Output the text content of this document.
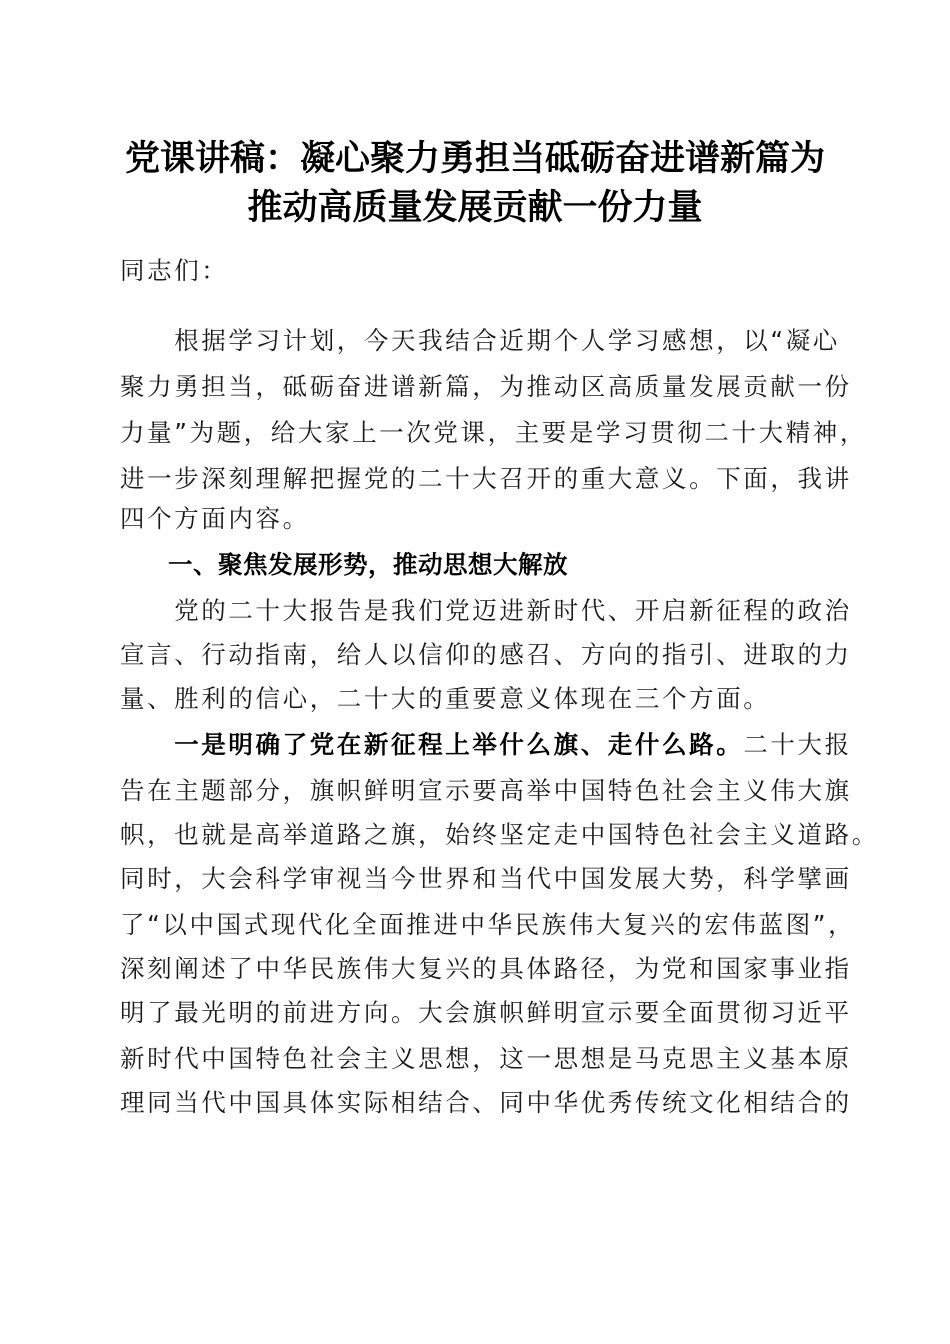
党课讲稿：凝心聚力勇担当砥砺奋进谱新篇为
推动高质量发展贡献一份力量
同志们：
　　根据学习计划，今天我结合近期个人学习感想，以“凝心
聚力勇担当，砥砺奋进谱新篇，为推动区高质量发展贡献一份
力量”为题，给大家上一次党课，主要是学习贯彻二十大精神，
进一步深刻理解把握党的二十大召开的重大意义。下面，我讲
四个方面内容。
一、聚焦发展形势，推动思想大解放
　　党的二十大报告是我们党迈进新时代、开启新征程的政治
宣言、行动指南，给人以信仰的感召、方向的指引、进取的力
量、胜利的信心，二十大的重要意义体现在三个方面。
　　一是明确了党在新征程上举什么旗、走什么路。二十大报
告在主题部分，旗帜鲜明宣示要高举中国特色社会主义伟大旗
帜，也就是高举道路之旗，始终坚定走中国特色社会主义道路。
同时，大会科学审视当今世界和当代中国发展大势，科学擘画
了“以中国式现代化全面推进中华民族伟大复兴的宏伟蓝图”，
深刻阐述了中华民族伟大复兴的具体路径，为党和国家事业指
明了最光明的前进方向。大会旗帜鲜明宣示要全面贯彻习近平
新时代中国特色社会主义思想，这一思想是马克思主义基本原
理同当代中国具体实际相结合、同中华优秀传统文化相结合的
